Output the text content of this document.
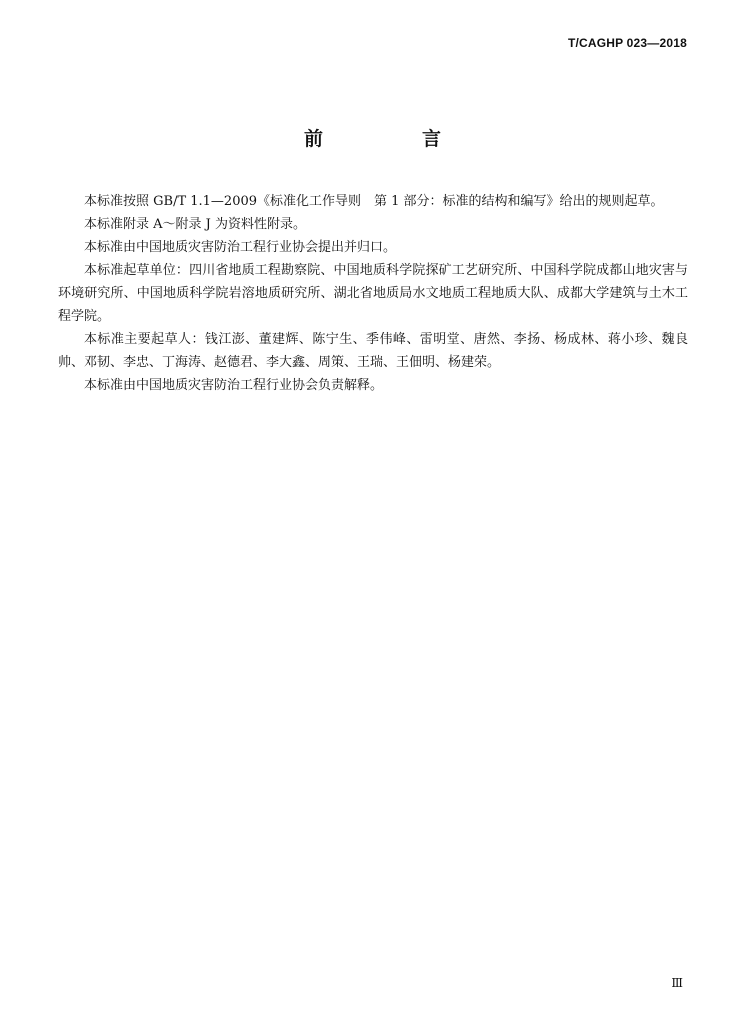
T/CAGHP 023—2018
前　言

本标准按照 GB/T 1.1—2009《标准化工作导则　第 1 部分：标准的结构和编写》给出的规则起草。

本标准附录 A～附录 J 为资料性附录。

本标准由中国地质灾害防治工程行业协会提出并归口。

本标准起草单位：四川省地质工程勘察院、中国地质科学院探矿工艺研究所、中国科学院成都山地灾害与环境研究所、中国地质科学院岩溶地质研究所、湖北省地质局水文地质工程地质大队、成都大学建筑与土木工程学院。

本标准主要起草人：钱江澎、董建辉、陈宁生、季伟峰、雷明堂、唐然、李扬、杨成林、蒋小珍、魏良帅、邓韧、李忠、丁海涛、赵德君、李大鑫、周策、王瑞、王佃明、杨建荣。

本标准由中国地质灾害防治工程行业协会负责解释。

Ⅲ
